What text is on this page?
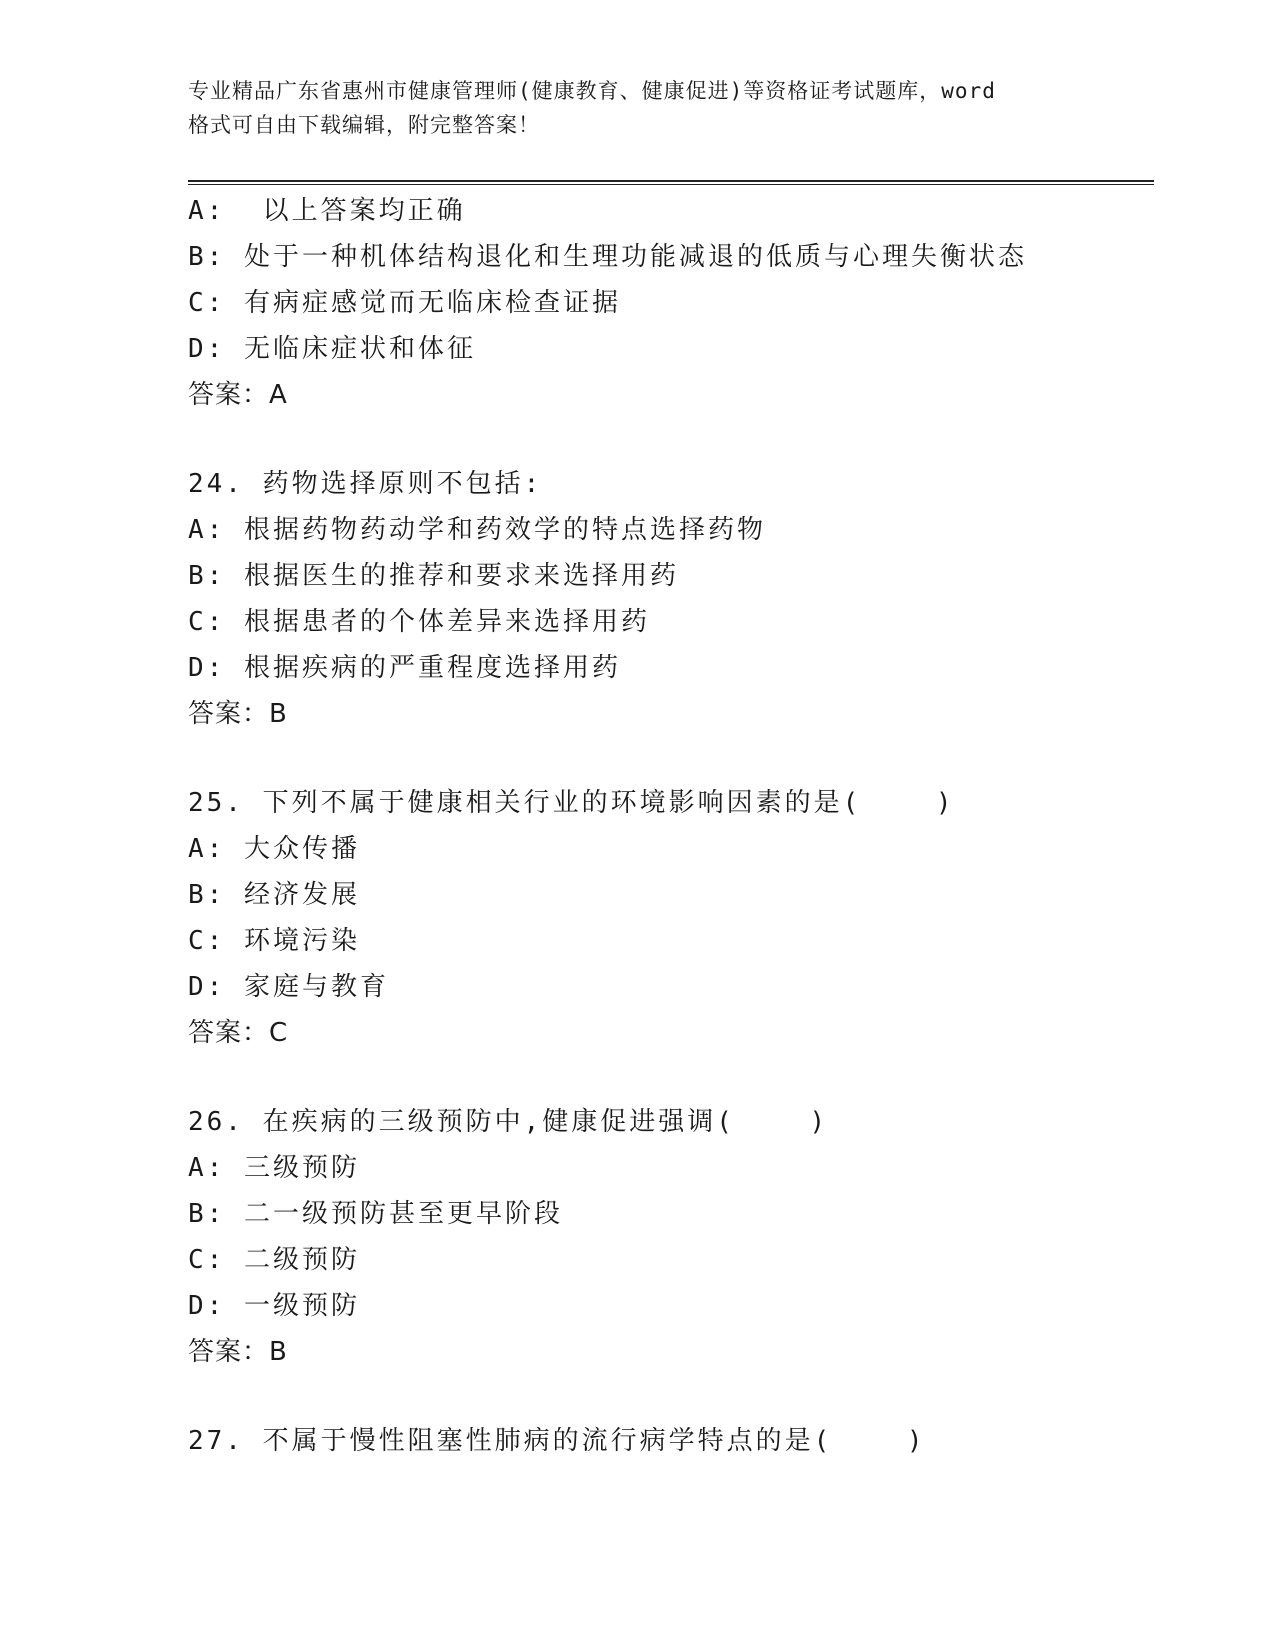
专业精品广东省惠州市健康管理师(健康教育、健康促进)等资格证考试题库，word
格式可自由下载编辑，附完整答案！
A:  以上答案均正确
B: 处于一种机体结构退化和生理功能减退的低质与心理失衡状态
C: 有病症感觉而无临床检查证据
D: 无临床症状和体征
答案：A
24. 药物选择原则不包括:
A: 根据药物药动学和药效学的特点选择药物
B: 根据医生的推荐和要求来选择用药
C: 根据患者的个体差异来选择用药
D: 根据疾病的严重程度选择用药
答案：B
25. 下列不属于健康相关行业的环境影响因素的是(    )
A: 大众传播
B: 经济发展
C: 环境污染
D: 家庭与教育
答案：C
26. 在疾病的三级预防中,健康促进强调(    )
A: 三级预防
B: 二一级预防甚至更早阶段
C: 二级预防
D: 一级预防
答案：B
27. 不属于慢性阻塞性肺病的流行病学特点的是(    )
